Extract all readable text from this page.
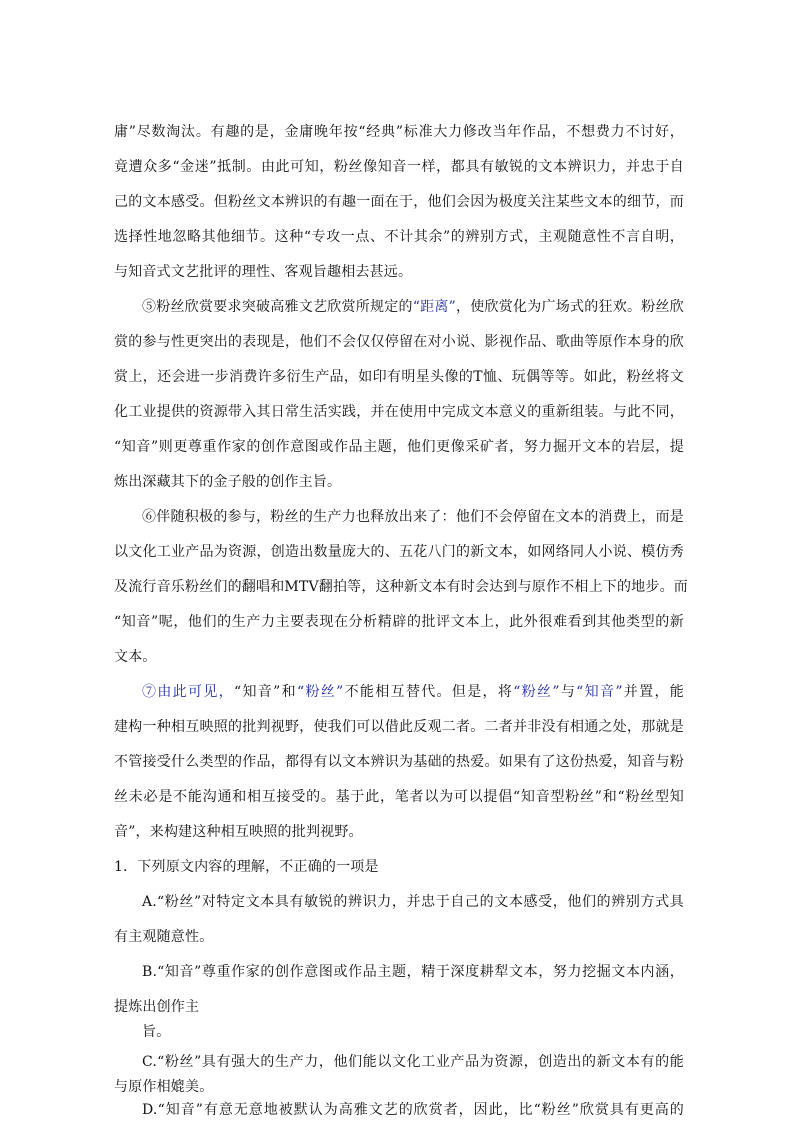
庸”尽数淘汰。有趣的是，金庸晚年按“经典”标准大力修改当年作品，不想费力不讨好，
竟遭众多“金迷”抵制。由此可知，粉丝像知音一样，都具有敏锐的文本辨识力，并忠于自
己的文本感受。但粉丝文本辨识的有趣一面在于，他们会因为极度关注某些文本的细节，而
选择性地忽略其他细节。这种“专攻一点、不计其余”的辨别方式，主观随意性不言自明，
与知音式文艺批评的理性、客观旨趣相去甚远。
⑤粉丝欣赏要求突破高雅文艺欣赏所规定的“距离”，使欣赏化为广场式的狂欢。粉丝欣
赏的参与性更突出的表现是，他们不会仅仅停留在对小说、影视作品、歌曲等原作本身的欣
赏上，还会进一步消费许多衍生产品，如印有明星头像的T恤、玩偶等等。如此，粉丝将文
化工业提供的资源带入其日常生活实践，并在使用中完成文本意义的重新组装。与此不同，
“知音”则更尊重作家的创作意图或作品主题，他们更像采矿者，努力掘开文本的岩层，提
炼出深藏其下的金子般的创作主旨。
⑥伴随积极的参与，粉丝的生产力也释放出来了：他们不会停留在文本的消费上，而是
以文化工业产品为资源，创造出数量庞大的、五花八门的新文本，如网络同人小说、模仿秀
及流行音乐粉丝们的翻唱和MTV翻拍等，这种新文本有时会达到与原作不相上下的地步。而
“知音”呢，他们的生产力主要表现在分析精辟的批评文本上，此外很难看到其他类型的新
文本。
⑦由此可见，“知音”和“粉丝”不能相互替代。但是，将“粉丝”与“知音”并置，能
建构一种相互映照的批判视野，使我们可以借此反观二者。二者并非没有相通之处，那就是
不管接受什么类型的作品，都得有以文本辨识为基础的热爱。如果有了这份热爱，知音与粉
丝未必是不能沟通和相互接受的。基于此，笔者以为可以提倡“知音型粉丝”和“粉丝型知
音”，来构建这种相互映照的批判视野。
1．下列原文内容的理解，不正确的一项是
A.“粉丝”对特定文本具有敏锐的辨识力，并忠于自己的文本感受，他们的辨别方式具
有主观随意性。
B.“知音”尊重作家的创作意图或作品主题，精于深度耕犁文本，努力挖掘文本内涵，
提炼出创作主
旨。
C.“粉丝”具有强大的生产力，他们能以文化工业产品为资源，创造出的新文本有的能
与原作相媲美。
D.“知音”有意无意地被默认为高雅文艺的欣赏者，因此，比“粉丝”欣赏具有更高的
